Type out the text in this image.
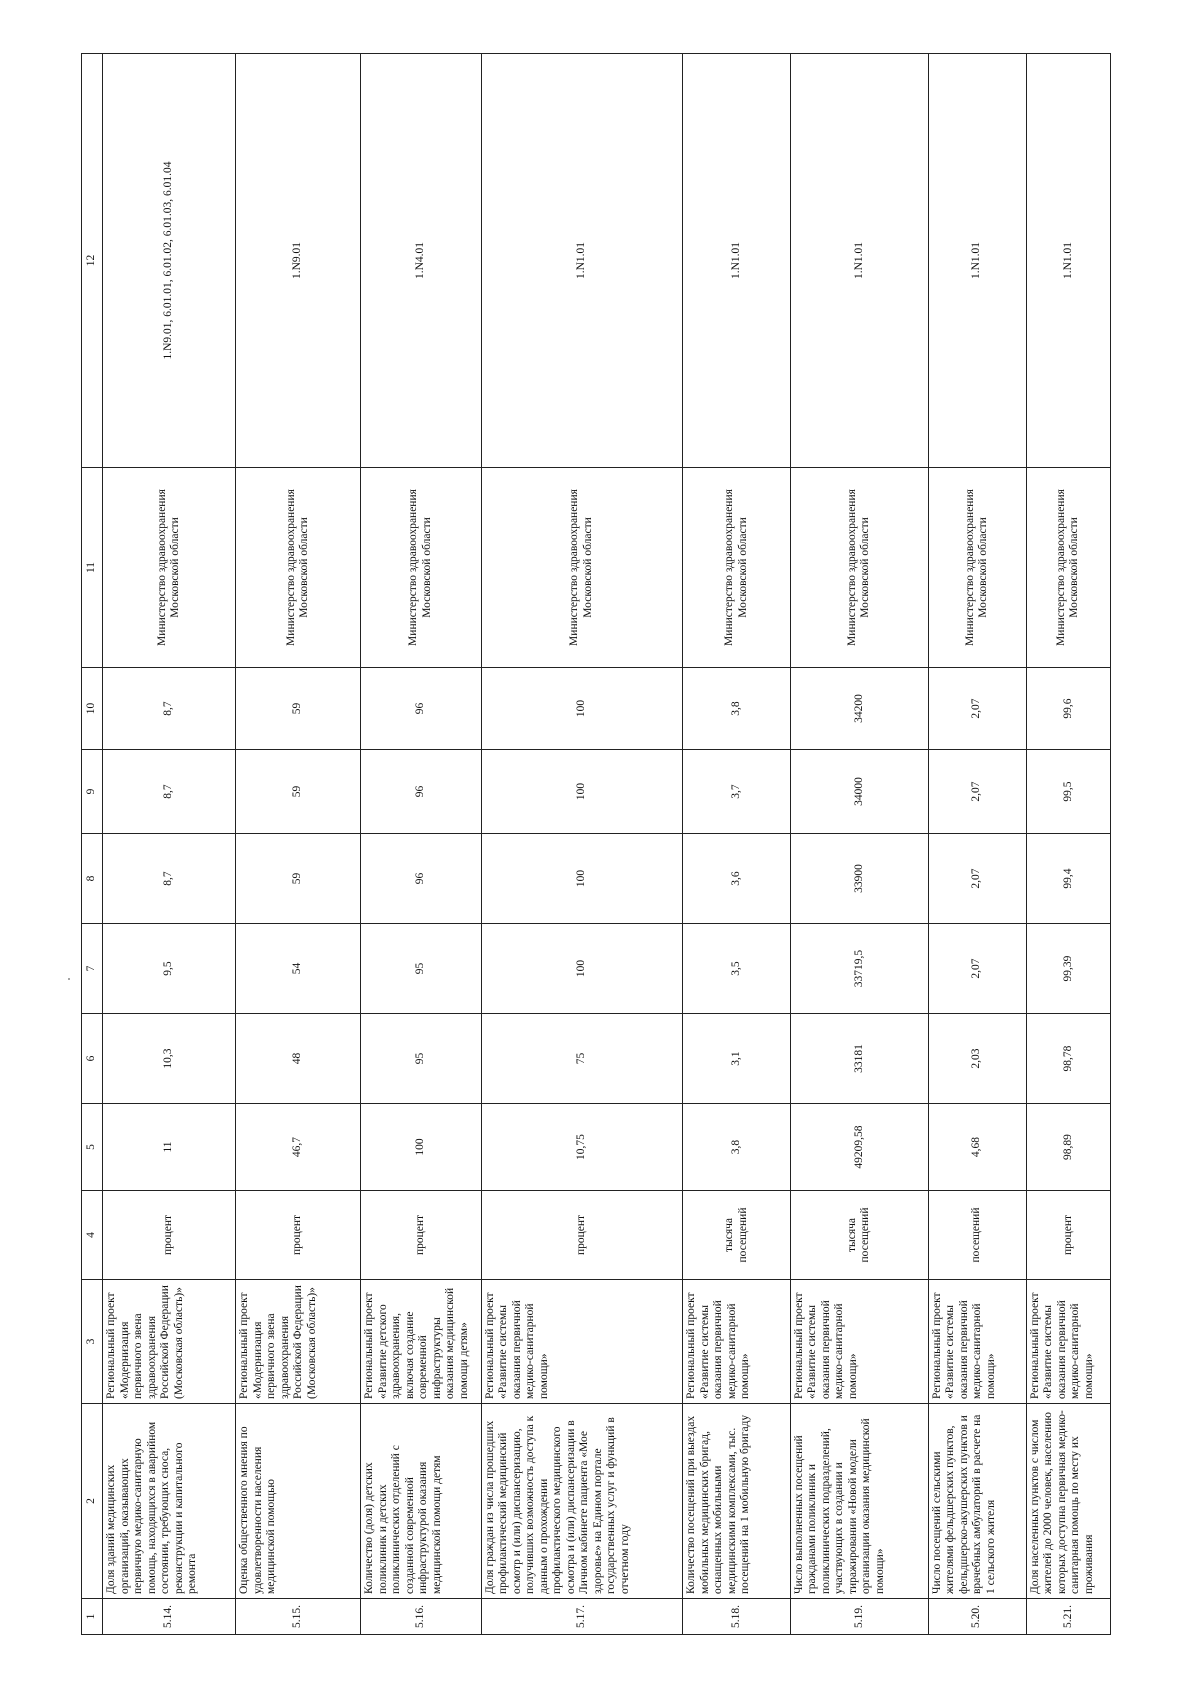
1	2	3	4	5	6	7	8	9	10	11	12
5.14.	Доля зданий медицинских организаций, оказывающих первичную медико-санитарную помощь, находящихся в аварийном состоянии, требующих сноса, реконструкции и капитального ремонта	Региональный проект «Модернизация первичного звена здравоохранения Российской Федерации (Московская область)»	процент	11	10,3	9,5	8,7	8,7	8,7	Министерство здравоохранения Московской области	1.N9.01, 6.01.01, 6.01.02, 6.01.03, 6.01.04
5.15.	Оценка общественного мнения по удовлетворенности населения медицинской помощью	Региональный проект «Модернизация первичного звена здравоохранения Российской Федерации (Московская область)»	процент	46,7	48	54	59	59	59	Министерство здравоохранения Московской области	1.N9.01
5.16.	Количество (доля) детских поликлиник и детских поликлинических отделений с созданной современной инфраструктурой оказания медицинской помощи детям	Региональный проект «Развитие детского здравоохранения, включая создание современной инфраструктуры оказания медицинской помощи детям»	процент	100	95	95	96	96	96	Министерство здравоохранения Московской области	1.N4.01
5.17.	Доля граждан из числа прошедших профилактический медицинский осмотр и (или) диспансеризацию, получивших возможность доступа к данным о прохождении профилактического медицинского осмотра и (или) диспансеризации в Личном кабинете пациента «Мое здоровье» на Едином портале государственных услуг и функций в отчетном году	Региональный проект «Развитие системы оказания первичной медико-санитарной помощи»	процент	10,75	75	100	100	100	100	Министерство здравоохранения Московской области	1.N1.01
5.18.	Количество посещений при выездах мобильных медицинских бригад, оснащенных мобильными медицинскими комплексами, тыс. посещений на 1 мобильную бригаду	Региональный проект «Развитие системы оказания первичной медико-санитарной помощи»	тысяча посещений	3,8	3,1	3,5	3,6	3,7	3,8	Министерство здравоохранения Московской области	1.N1.01
5.19.	Число выполненных посещений гражданами поликлиник и поликлинических подразделений, участвующих в создании и тиражировании «Новой модели организации оказания медицинской помощи»	Региональный проект «Развитие системы оказания первичной медико-санитарной помощи»	тысяча посещений	49209,58	33181	33719,5	33900	34000	34200	Министерство здравоохранения Московской области	1.N1.01
5.20.	Число посещений сельскими жителями фельдшерских пунктов, фельдшерско-акушерских пунктов и врачебных амбулаторий в расчете на 1 сельского жителя	Региональный проект «Развитие системы оказания первичной медико-санитарной помощи»	посещений	4,68	2,03	2,07	2,07	2,07	2,07	Министерство здравоохранения Московской области	1.N1.01
5.21.	Доля населенных пунктов с числом жителей до 2000 человек, населению которых доступна первичная медико-санитарная помощь по месту их проживания	Региональный проект «Развитие системы оказания первичной медико-санитарной помощи»	процент	98,89	98,78	99,39	99,4	99,5	99,6	Министерство здравоохранения Московской области	1.N1.01
